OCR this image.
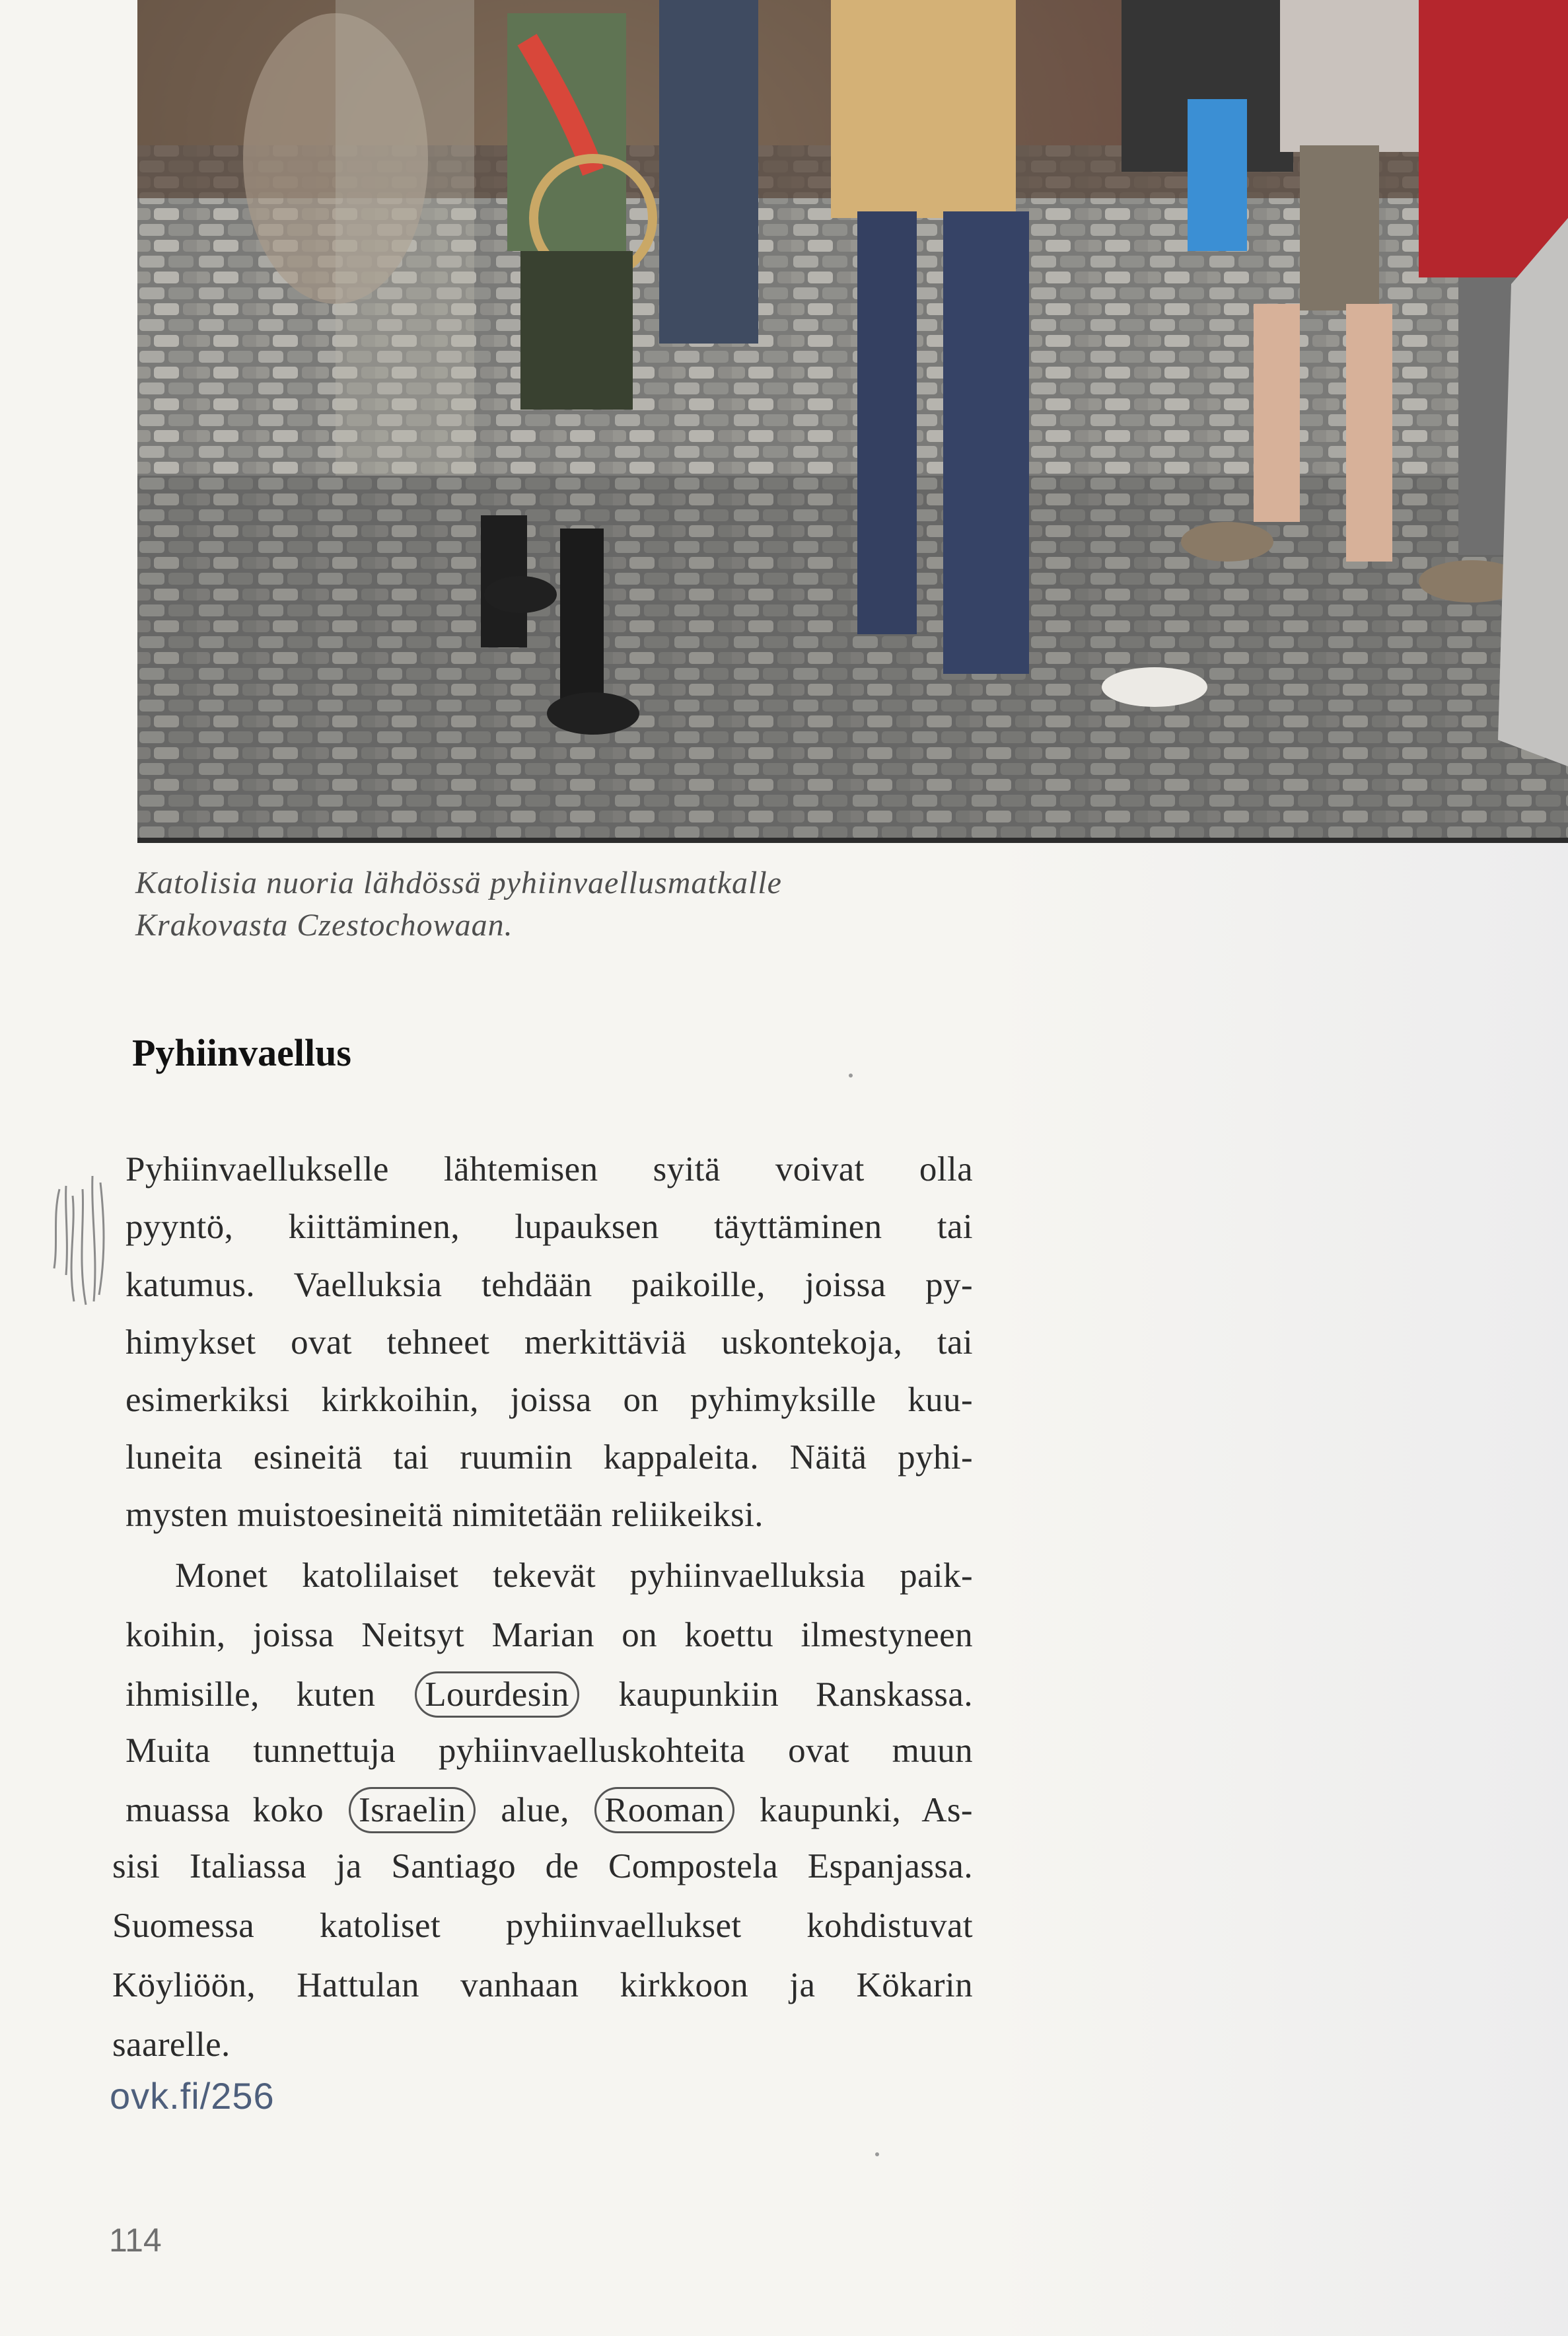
Katolisia nuoria lähdössä pyhiinvaellusmatkalle
Krakovasta Czestochowaan.
Pyhiinvaellus
Pyhiinvaellukselle lähtemisen syitä voivat olla
pyyntö, kiittäminen, lupauksen täyttäminen tai
katumus. Vaelluksia tehdään paikoille, joissa py-
himykset ovat tehneet merkittäviä uskontekoja, tai
esimerkiksi kirkkoihin, joissa on pyhimyksille kuu-
luneita esineitä tai ruumiin kappaleita. Näitä pyhi-
mysten muistoesineitä nimitetään reliikeiksi.
Monet katolilaiset tekevät pyhiinvaelluksia paik-
koihin, joissa Neitsyt Marian on koettu ilmestyneen
ihmisille, kuten Lourdesin kaupunkiin Ranskassa.
Muita tunnettuja pyhiinvaelluskohteita ovat muun
muassa koko Israelin alue, Rooman kaupunki, As-
sisi Italiassa ja Santiago de Compostela Espanjassa.
Suomessa katoliset pyhiinvaellukset kohdistuvat
Köyliöön, Hattulan vanhaan kirkkoon ja Kökarin
saarelle.
ovk.fi/256
114
